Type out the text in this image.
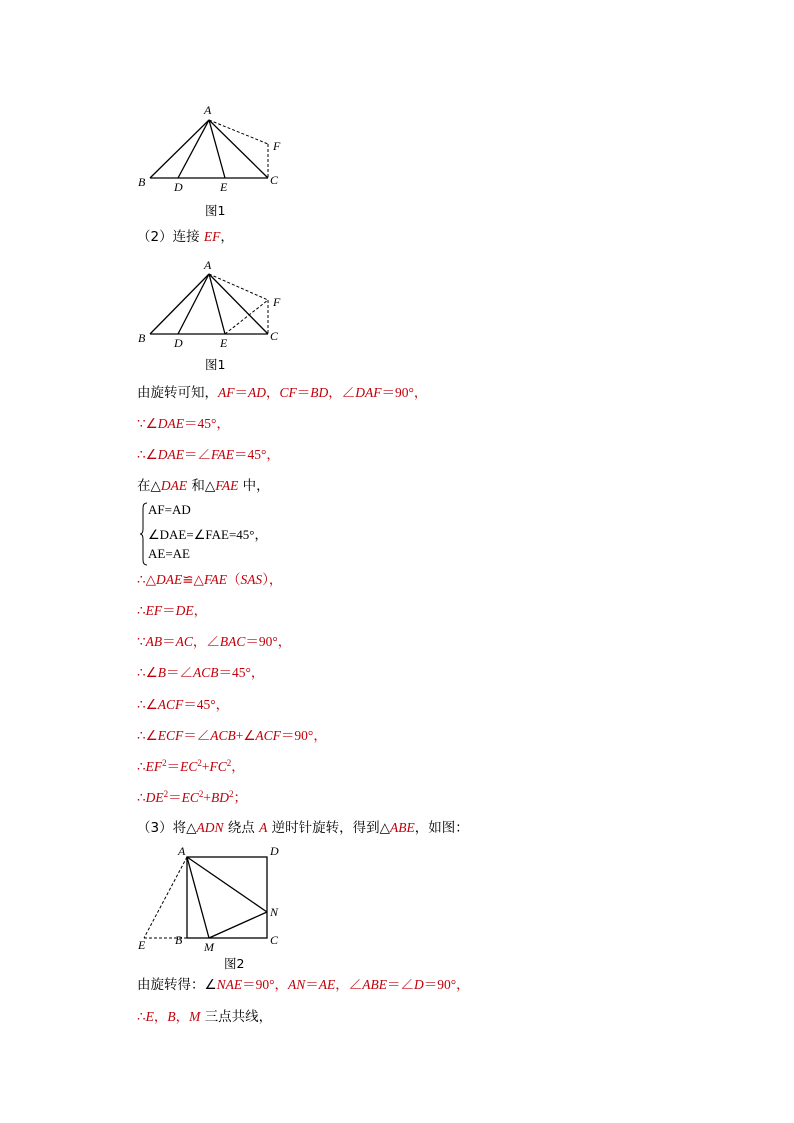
A
B D	E	C
F
图1
（2）连接 EF，
A
B D	E	C
F
图1
由旋转可知，AF＝AD，CF＝BD，∠DAF＝90°，
∵∠DAE＝45°，
∴∠DAE＝∠FAE＝45°，
在△DAE 和△FAE 中，
AF=AD
∠DAE=∠FAE=45°，
AE=AE
∴△DAE≌△FAE（SAS），
∴EF＝DE，
∵AB＝AC，∠BAC＝90°，
∴∠B＝∠ACB＝45°，
∴∠ACF＝45°，
∴∠ECF＝∠ACB+∠ACF＝90°，
$\therefore EF^2=EC^2+FC^2$，
$\therefore DE^2=EC^2+BD^2$；
（3）将△ADN 绕点 A 逆时针旋转，得到△ABE，如图：
A	D
N
C
B
E	M
图2
由旋转得：∠NAE＝90°，AN＝AE，∠ABE＝∠D＝90°，
∴E，B，M 三点共线，
